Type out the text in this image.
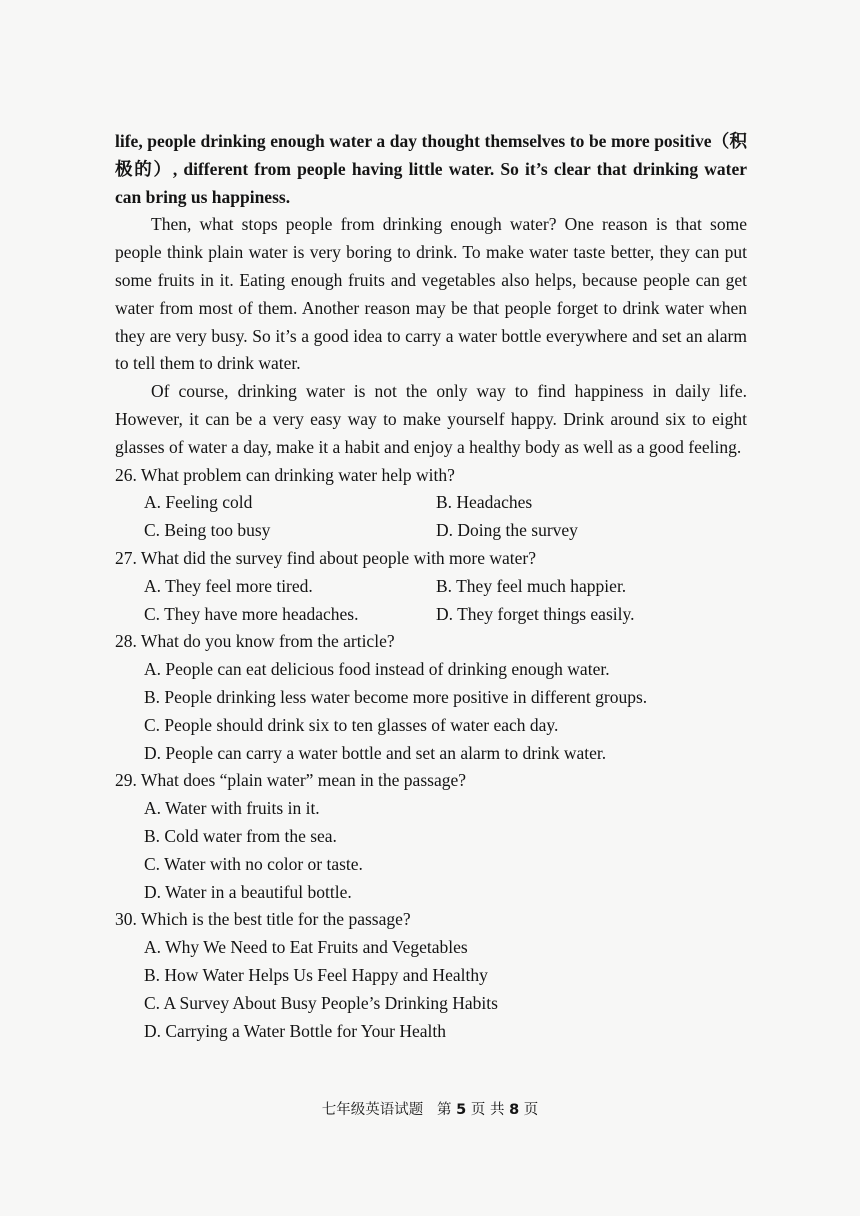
life, people drinking enough water a day thought themselves to be more positive（积极的）, different from people having little water. So it’s clear that drinking water can bring us happiness.

Then, what stops people from drinking enough water? One reason is that some people think plain water is very boring to drink. To make water taste better, they can put some fruits in it. Eating enough fruits and vegetables also helps, because people can get water from most of them. Another reason may be that people forget to drink water when they are very busy. So it’s a good idea to carry a water bottle everywhere and set an alarm to tell them to drink water.

Of course, drinking water is not the only way to find happiness in daily life. However, it can be a very easy way to make yourself happy. Drink around six to eight glasses of water a day, make it a habit and enjoy a healthy body as well as a good feeling.

26. What problem can drinking water help with?

A. Feeling cold	B. Headaches

C. Being too busy	D. Doing the survey

27. What did the survey find about people with more water?

A. They feel more tired.	B. They feel much happier.

C. They have more headaches.	D. They forget things easily.

28. What do you know from the article?

A. People can eat delicious food instead of drinking enough water.

B. People drinking less water become more positive in different groups.

C. People should drink six to ten glasses of water each day.

D. People can carry a water bottle and set an alarm to drink water.

29. What does “plain water” mean in the passage?

A. Water with fruits in it.

B. Cold water from the sea.

C. Water with no color or taste.

D. Water in a beautiful bottle.

30. Which is the best title for the passage?

A. Why We Need to Eat Fruits and Vegetables

B. How Water Helps Us Feel Happy and Healthy

C. A Survey About Busy People’s Drinking Habits

D. Carrying a Water Bottle for Your Health

七年级英语试题 第 5 页 共 8 页
